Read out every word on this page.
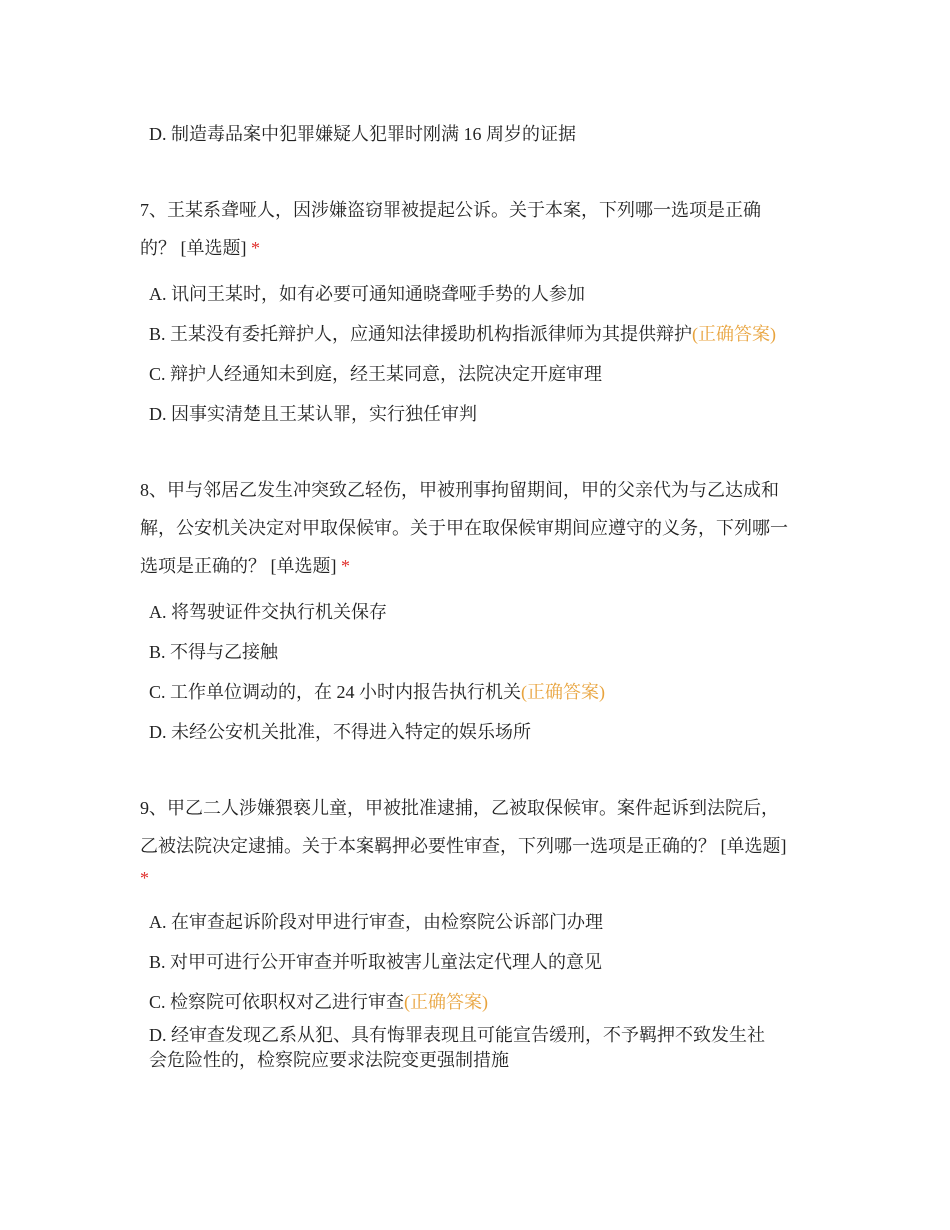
D. 制造毒品案中犯罪嫌疑人犯罪时刚满 16 周岁的证据
7、王某系聋哑人，因涉嫌盗窃罪被提起公诉。关于本案，下列哪一选项是正确
的？ [单选题] *
A. 讯问王某时，如有必要可通知通晓聋哑手势的人参加
B. 王某没有委托辩护人，应通知法律援助机构指派律师为其提供辩护(正确答案)
C. 辩护人经通知未到庭，经王某同意，法院决定开庭审理
D. 因事实清楚且王某认罪，实行独任审判
8、甲与邻居乙发生冲突致乙轻伤，甲被刑事拘留期间，甲的父亲代为与乙达成和
解，公安机关决定对甲取保候审。关于甲在取保候审期间应遵守的义务，下列哪一
选项是正确的？ [单选题] *
A. 将驾驶证件交执行机关保存
B. 不得与乙接触
C. 工作单位调动的，在 24 小时内报告执行机关(正确答案)
D. 未经公安机关批准，不得进入特定的娱乐场所
9、甲乙二人涉嫌猥亵儿童，甲被批准逮捕，乙被取保候审。案件起诉到法院后，
乙被法院决定逮捕。关于本案羁押必要性审查，下列哪一选项是正确的？ [单选题]
*
A. 在审查起诉阶段对甲进行审查，由检察院公诉部门办理
B. 对甲可进行公开审查并听取被害儿童法定代理人的意见
C. 检察院可依职权对乙进行审查(正确答案)
D. 经审查发现乙系从犯、具有悔罪表现且可能宣告缓刑，不予羁押不致发生社
会危险性的，检察院应要求法院变更强制措施
